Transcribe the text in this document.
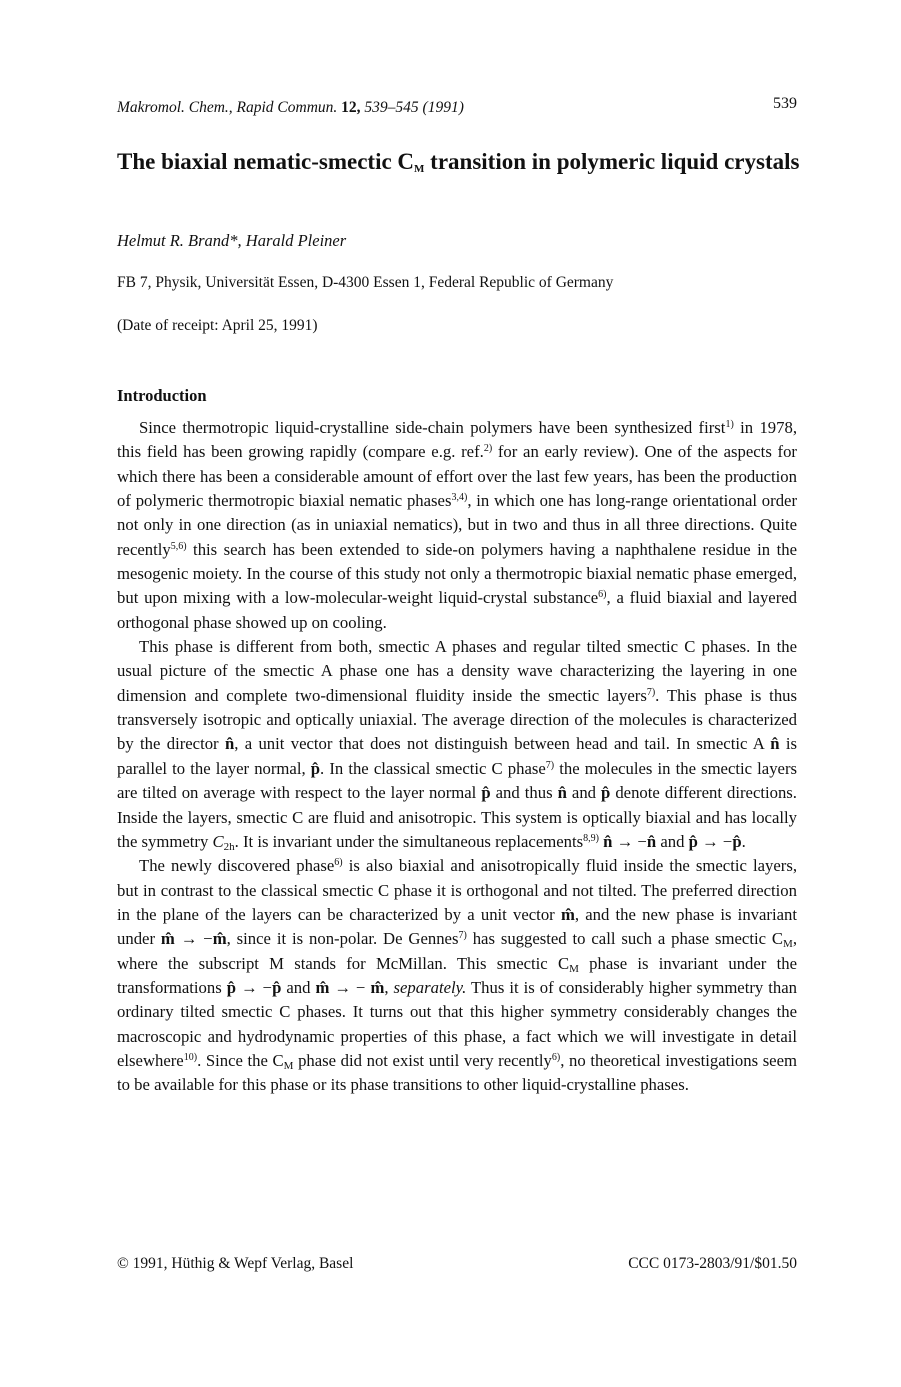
Makromol. Chem., Rapid Commun. 12, 539–545 (1991)	539
The biaxial nematic-smectic $C_M$ transition in polymeric liquid crystals
Helmut R. Brand*, Harald Pleiner
FB 7, Physik, Universität Essen, D-4300 Essen 1, Federal Republic of Germany
(Date of receipt: April 25, 1991)
Introduction

Since thermotropic liquid-crystalline side-chain polymers have been synthesized first$^{1)}$ in 1978, this field has been growing rapidly (compare e.g. ref.$^{2)}$ for an early review). One of the aspects for which there has been a considerable amount of effort over the last few years, has been the production of polymeric thermotropic biaxial nematic phases$^{3,4)}$, in which one has long-range orientational order not only in one direction (as in uniaxial nematics), but in two and thus in all three directions. Quite recently$^{5,6)}$ this search has been extended to side-on polymers having a naphthalene residue in the mesogenic moiety. In the course of this study not only a thermotropic biaxial nematic phase emerged, but upon mixing with a low-molecular-weight liquid-crystal substance$^{6)}$, a fluid biaxial and layered orthogonal phase showed up on cooling.

This phase is different from both, smectic A phases and regular tilted smectic C phases. In the usual picture of the smectic A phase one has a density wave characterizing the layering in one dimension and complete two-dimensional fluidity inside the smectic layers$^{7)}$. This phase is thus transversely isotropic and optically uniaxial. The average direction of the molecules is characterized by the director n̂, a unit vector that does not distinguish between head and tail. In smectic A n̂ is parallel to the layer normal, p̂. In the classical smectic C phase$^{7)}$ the molecules in the smectic layers are tilted on average with respect to the layer normal p̂ and thus n̂ and p̂ denote different directions. Inside the layers, smectic C are fluid and anisotropic. This system is optically biaxial and has locally the symmetry $C_{2h}$. It is invariant under the simultaneous replacements$^{8,9)}$ n̂ → −n̂ and p̂ → −p̂.

The newly discovered phase$^{6)}$ is also biaxial and anisotropically fluid inside the smectic layers, but in contrast to the classical smectic C phase it is orthogonal and not tilted. The preferred direction in the plane of the layers can be characterized by a unit vector m̂, and the new phase is invariant under m̂ → −m̂, since it is non-polar. De Gennes$^{7)}$ has suggested to call such a phase smectic $C_M$, where the subscript M stands for McMillan. This smectic $C_M$ phase is invariant under the transformations p̂ → −p̂ and m̂ → − m̂, separately. Thus it is of considerably higher symmetry than ordinary tilted smectic C phases. It turns out that this higher symmetry considerably changes the macroscopic and hydrodynamic properties of this phase, a fact which we will investigate in detail elsewhere$^{10)}$. Since the $C_M$ phase did not exist until very recently$^{6)}$, no theoretical investigations seem to be available for this phase or its phase transitions to other liquid-crystalline phases.

© 1991, Hüthig & Wepf Verlag, Basel	CCC 0173-2803/91/$01.50
